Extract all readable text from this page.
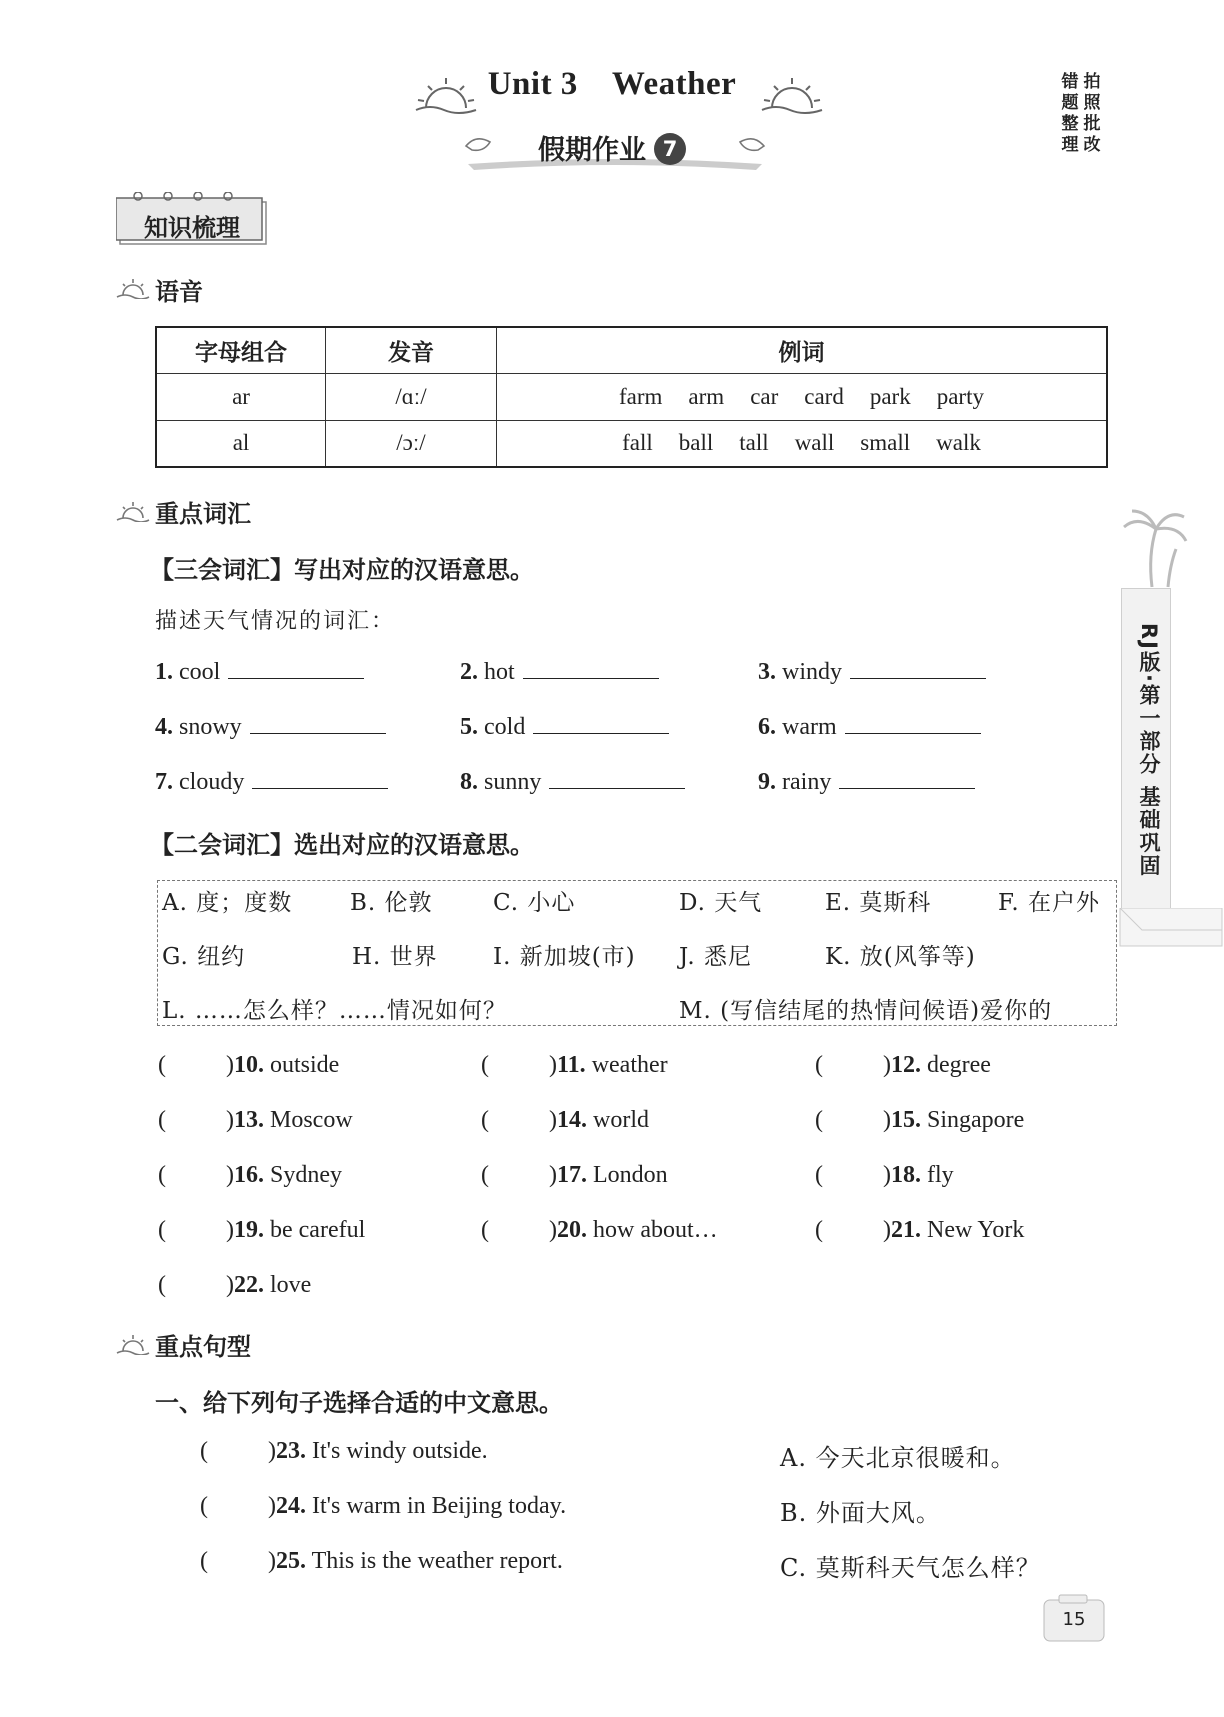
Unit 3 Weather
假期作业 7
拍照批改
错题整理
知识梳理
语音
字母组合	发音	例词
ar	/ɑː/	farm arm car card park party
al	/ɔː/	fall ball tall wall small walk
重点词汇
【三会词汇】写出对应的汉语意思。
描述天气情况的词汇：
1. cool	2. hot	3. windy
4. snowy	5. cold	6. warm
7. cloudy	8. sunny	9. rainy
【二会词汇】选出对应的汉语意思。
A. 度；度数	B. 伦敦	C. 小心	D. 天气	E. 莫斯科	F. 在户外
G. 纽约	H. 世界 I. 新加坡(市) J. 悉尼	K. 放(风筝等)
L. ……怎么样？……情况如何？	M. (写信结尾的热情问候语)爱你的
(	)10. outside	(	)11. weather	(	)12. degree
(	)13. Moscow	(	)14. world	(	)15. Singapore
(	)16. Sydney	(	)17. London	(	)18. fly
(	)19. be careful	(	)20. how about…	(	)21. New York
(	)22. love
重点句型
一、给下列句子选择合适的中文意思。
(	)23. It's windy outside.	A. 今天北京很暖和。
(	)24. It's warm in Beijing today.	B. 外面大风。
(	)25. This is the weather report.	C. 莫斯科天气怎么样？
RJ版·第一部分 基础巩固
15
